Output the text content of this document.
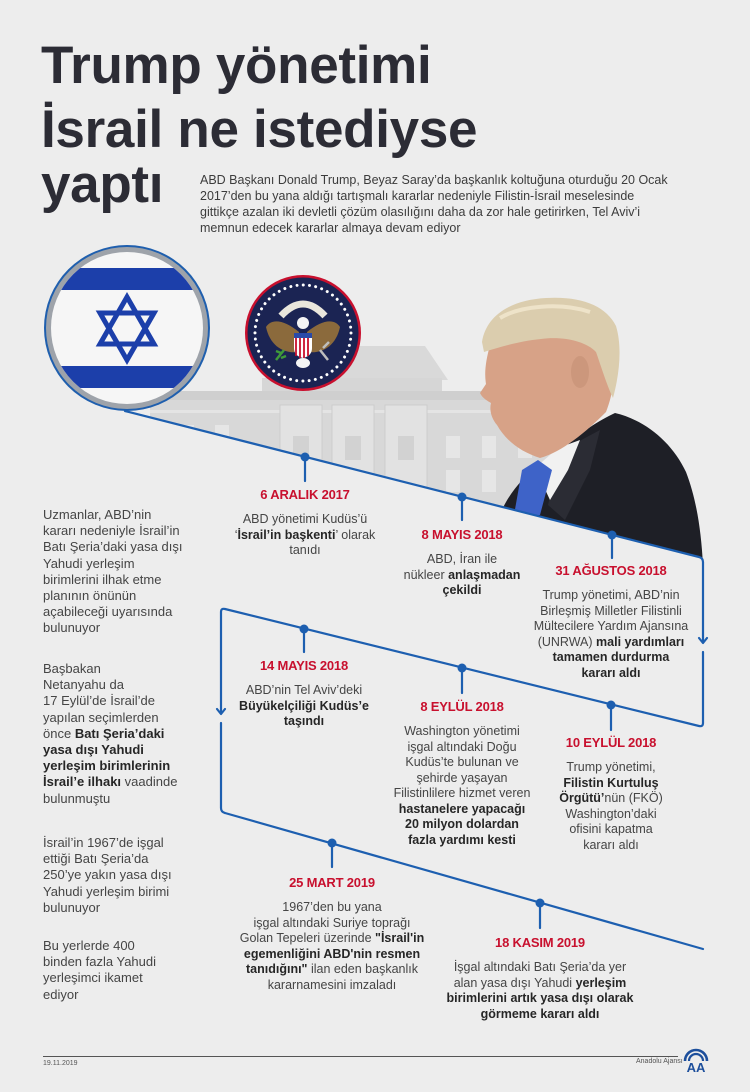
Trump yönetimi
İsrail ne istediyse
yaptı	ABD Başkanı Donald Trump, Beyaz Saray’da başkanlık koltuğuna oturduğu 20 Ocak
2017’den bu yana aldığı tartışmalı kararlar nedeniyle Filistin-İsrail meselesinde
gittikçe azalan iki devletli çözüm olasılığını daha da zor hale getirirken, Tel Aviv’i
memnun edecek kararlar almaya devam ediyor
Uzmanlar, ABD’nin
kararı nedeniyle İsrail’in
Batı Şeria’daki yasa dışı
Yahudi yerleşim
birimlerini ilhak etme
planının önünün
açabileceği uyarısında
bulunuyor
Başbakan
Netanyahu da
17 Eylül’de İsrail’de
yapılan seçimlerden
önce Batı Şeria’daki
yasa dışı Yahudi
yerleşim birimlerinin
İsrail’e ilhakı vaadinde
bulunmuştu
İsrail’in 1967’de işgal
ettiği Batı Şeria’da
250’ye yakın yasa dışı
Yahudi yerleşim birimi
bulunuyor
Bu yerlerde 400
binden fazla Yahudi
yerleşimci ikamet
ediyor
6 ARALIK 2017
ABD yönetimi Kudüs’ü
‘İsrail’in başkenti’ olarak
tanıdı
8 MAYIS 2018
ABD, İran ile
nükleer anlaşmadan
çekildi
31 AĞUSTOS 2018
Trump yönetimi, ABD’nin
Birleşmiş Milletler Filistinli
Mültecilere Yardım Ajansına
(UNRWA) mali yardımları
tamamen durdurma
kararı aldı
14 MAYIS 2018
ABD’nin Tel Aviv’deki
Büyükelçiliği Kudüs’e
taşındı
8 EYLÜL 2018
Washington yönetimi
işgal altındaki Doğu
Kudüs’te bulunan ve
şehirde yaşayan
Filistinlilere hizmet veren
hastanelere yapacağı
20 milyon dolardan
fazla yardımı kesti
10 EYLÜL 2018
Trump yönetimi,
Filistin Kurtuluş
Örgütü’nün (FKÖ)
Washington’daki
ofisini kapatma
kararı aldı
25 MART 2019
1967’den bu yana
işgal altındaki Suriye toprağı
Golan Tepeleri üzerinde "İsrail'in
egemenliğini ABD'nin resmen
tanıdığını" ilan eden başkanlık
kararnamesini imzaladı
18 KASIM 2019
İşgal altındaki Batı Şeria’da yer
alan yasa dışı Yahudi yerleşim
birimlerini artık yasa dışı olarak
görmeme kararı aldı
19.11.2019	Anadolu Ajansı AA
